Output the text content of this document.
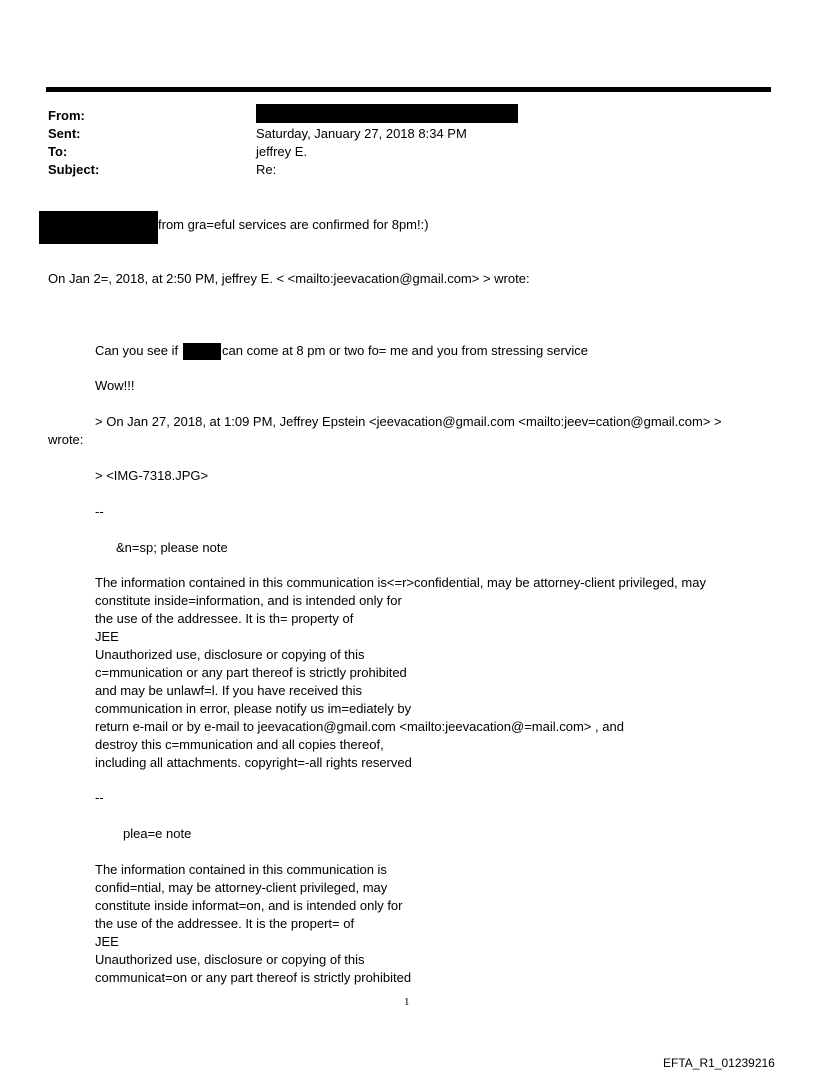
From:
Sent:
To:
Subject:
Saturday, January 27, 2018 8:34 PM
jeffrey E.
Re:
from gra=eful services are confirmed for 8pm!:)
On Jan 2=, 2018, at 2:50 PM, jeffrey E. < <mailto:jeevacation@gmail.com> > wrote:
Can you see if	can come at 8 pm or two fo= me and you from stressing service
Wow!!!
> On Jan 27, 2018, at 1:09 PM, Jeffrey Epstein <jeevacation@gmail.com <mailto:jeev=cation@gmail.com> >
wrote:
> <IMG-7318.JPG>
--
&n=sp; please note
The information contained in this communication is<=r>confidential, may be attorney-client privileged, may
constitute inside=information, and is intended only for
the use of the addressee. It is th= property of
JEE
Unauthorized use, disclosure or copying of this
c=mmunication or any part thereof is strictly prohibited
and may be unlawf=l. If you have received this
communication in error, please notify us im=ediately by
return e-mail or by e-mail to jeevacation@gmail.com <mailto:jeevacation@=mail.com> , and
destroy this c=mmunication and all copies thereof,
including all attachments. copyright=-all rights reserved
--
plea=e note
The information contained in this communication is
confid=ntial, may be attorney-client privileged, may
constitute inside informat=on, and is intended only for
the use of the addressee. It is the propert= of
JEE
Unauthorized use, disclosure or copying of this
communicat=on or any part thereof is strictly prohibited
1
EFTA_R1_01239216
